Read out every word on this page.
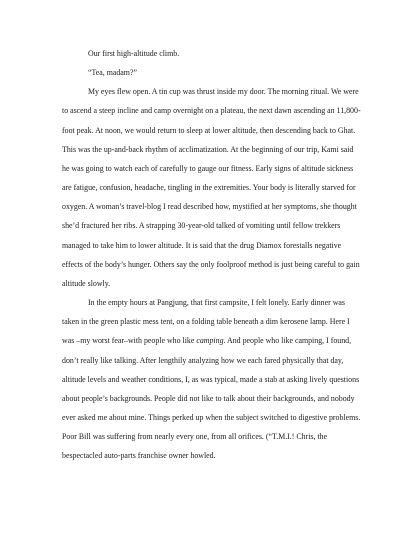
Our first high-altitude climb.

“Tea, madam?”

My eyes flew open. A tin cup was thrust inside my door. The morning ritual. We were to ascend a steep incline and camp overnight on a plateau, the next dawn ascending an 11,800-foot peak. At noon, we would return to sleep at lower altitude, then descending back to Ghat. This was the up-and-back rhythm of acclimatization. At the beginning of our trip, Kami said he was going to watch each of carefully to gauge our fitness. Early signs of altitude sickness are fatigue, confusion, headache, tingling in the extremities. Your body is literally starved for oxygen. A woman’s travel-blog I read described how, mystified at her symptoms, she thought she’d fractured her ribs. A strapping 30-year-old talked of vomiting until fellow trekkers managed to take him to lower altitude. It is said that the drug Diamox forestalls negative effects of the body’s hunger. Others say the only foolproof method is just being careful to gain altitude slowly.

In the empty hours at Pangjung, that first campsite, I felt lonely. Early dinner was taken in the green plastic mess tent, on a folding table beneath a dim kerosene lamp. Here I was –my worst fear–with people who like camping. And people who like camping, I found, don’t really like talking. After lengthily analyzing how we each fared physically that day, altitude levels and weather conditions, I, as was typical, made a stab at asking lively questions about people’s backgrounds. People did not like to talk about their backgrounds, and nobody ever asked me about mine. Things perked up when the subject switched to digestive problems. Poor Bill was suffering from nearly every one, from all orifices. (“T.M.I.! Chris, the bespectacled auto-parts franchise owner howled.
